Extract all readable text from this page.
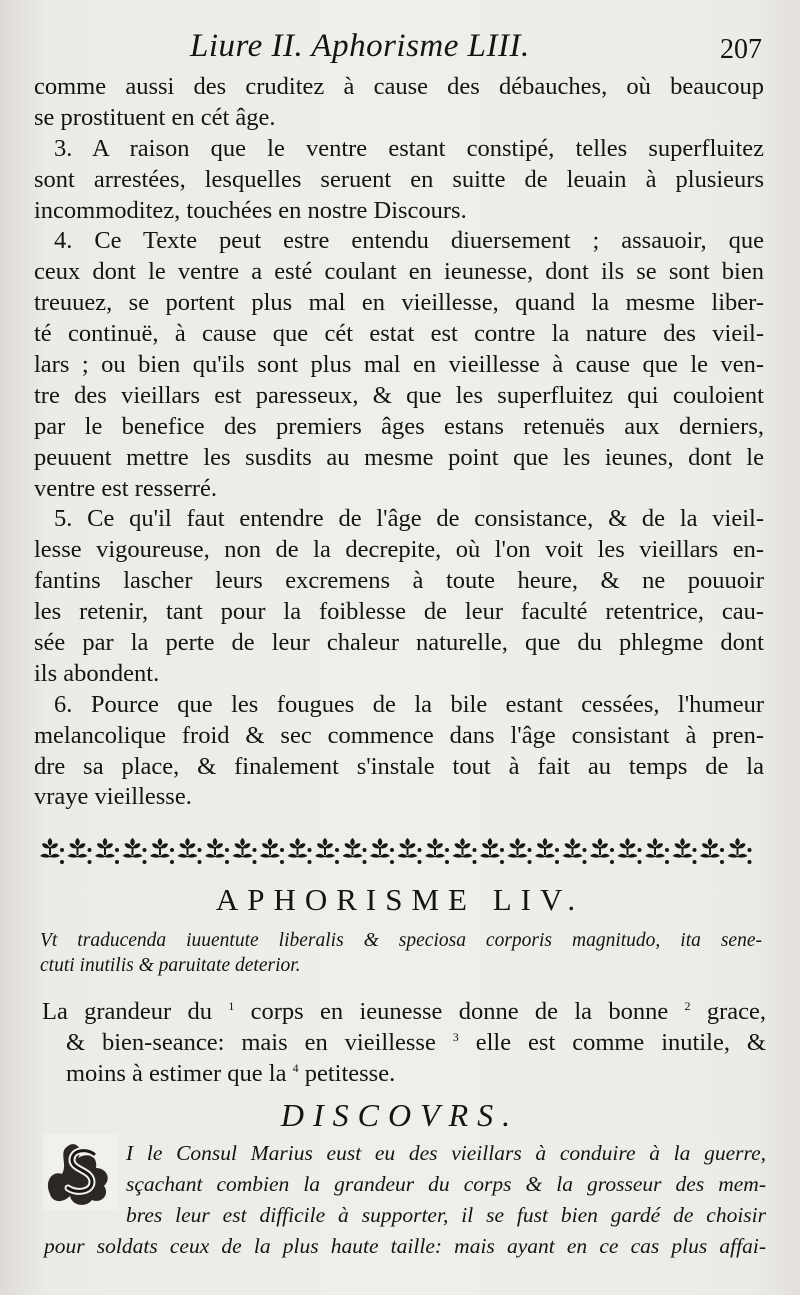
Liure II. Aphorisme LIII.	207
comme aussi des cruditez à cause des débauches, où beaucoup
se prostituent en cét âge.
3. A raison que le ventre estant constipé, telles superfluitez
sont arrestées, lesquelles seruent en suitte de leuain à plusieurs
incommoditez, touchées en nostre Discours.
4. Ce Texte peut estre entendu diuersement ; assauoir, que
ceux dont le ventre a esté coulant en ieunesse, dont ils se sont bien
treuuez, se portent plus mal en vieillesse, quand la mesme liber-
té continuë, à cause que cét estat est contre la nature des vieil-
lars ; ou bien qu'ils sont plus mal en vieillesse à cause que le ven-
tre des vieillars est paresseux, & que les superfluitez qui couloient
par le benefice des premiers âges estans retenuës aux derniers,
peuuent mettre les susdits au mesme point que les ieunes, dont le
ventre est resserré.
5. Ce qu'il faut entendre de l'âge de consistance, & de la vieil-
lesse vigoureuse, non de la decrepite, où l'on voit les vieillars en-
fantins lascher leurs excremens à toute heure, & ne pouuoir
les retenir, tant pour la foiblesse de leur faculté retentrice, cau-
sée par la perte de leur chaleur naturelle, que du phlegme dont
ils abondent.
6. Pource que les fougues de la bile estant cessées, l'humeur
melancolique froid & sec commence dans l'âge consistant à pren-
dre sa place, & finalement s'instale tout à fait au temps de la
vraye vieillesse.
APHORISME LIV.
Vt traducenda iuuentute liberalis & speciosa corporis magnitudo, ita sene-
ctuti inutilis & paruitate deterior.
La grandeur du $^1$ corps en ieunesse donne de la bonne $^2$ grace,
& bien-seance: mais en vieillesse $^3$ elle est comme inutile, &
moins à estimer que la $^4$ petitesse.
DISCOVRS.
S
I le Consul Marius eust eu des vieillars à conduire à la guerre,
sçachant combien la grandeur du corps & la grosseur des mem-
bres leur est difficile à supporter, il se fust bien gardé de choisir
pour soldats ceux de la plus haute taille: mais ayant en ce cas plus affai-
